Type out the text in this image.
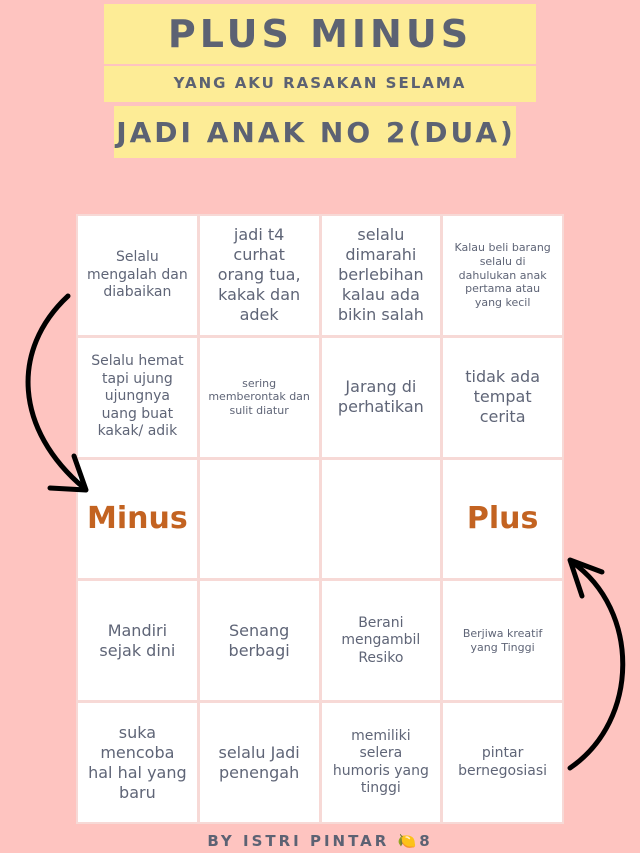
PLUS MINUS
YANG AKU RASAKAN SELAMA
JADI ANAK NO 2(DUA)
Selalu mengalah dan diabaikan
jadi t4 curhat orang tua, kakak dan adek
selalu dimarahi berlebihan kalau ada bikin salah
Kalau beli barang selalu di dahulukan anak pertama atau yang kecil
Selalu hemat tapi ujung ujungnya uang buat kakak/ adik
sering memberontak dan sulit diatur
Jarang di perhatikan
tidak ada tempat cerita
Minus	Plus
Mandiri sejak dini
Senang berbagi
Berani mengambil Resiko
Berjiwa kreatif yang Tinggi
suka mencoba hal hal yang baru
selalu Jadi penengah
memiliki selera humoris yang tinggi
pintar bernegosiasi
BY ISTRI PINTAR 🍋8
